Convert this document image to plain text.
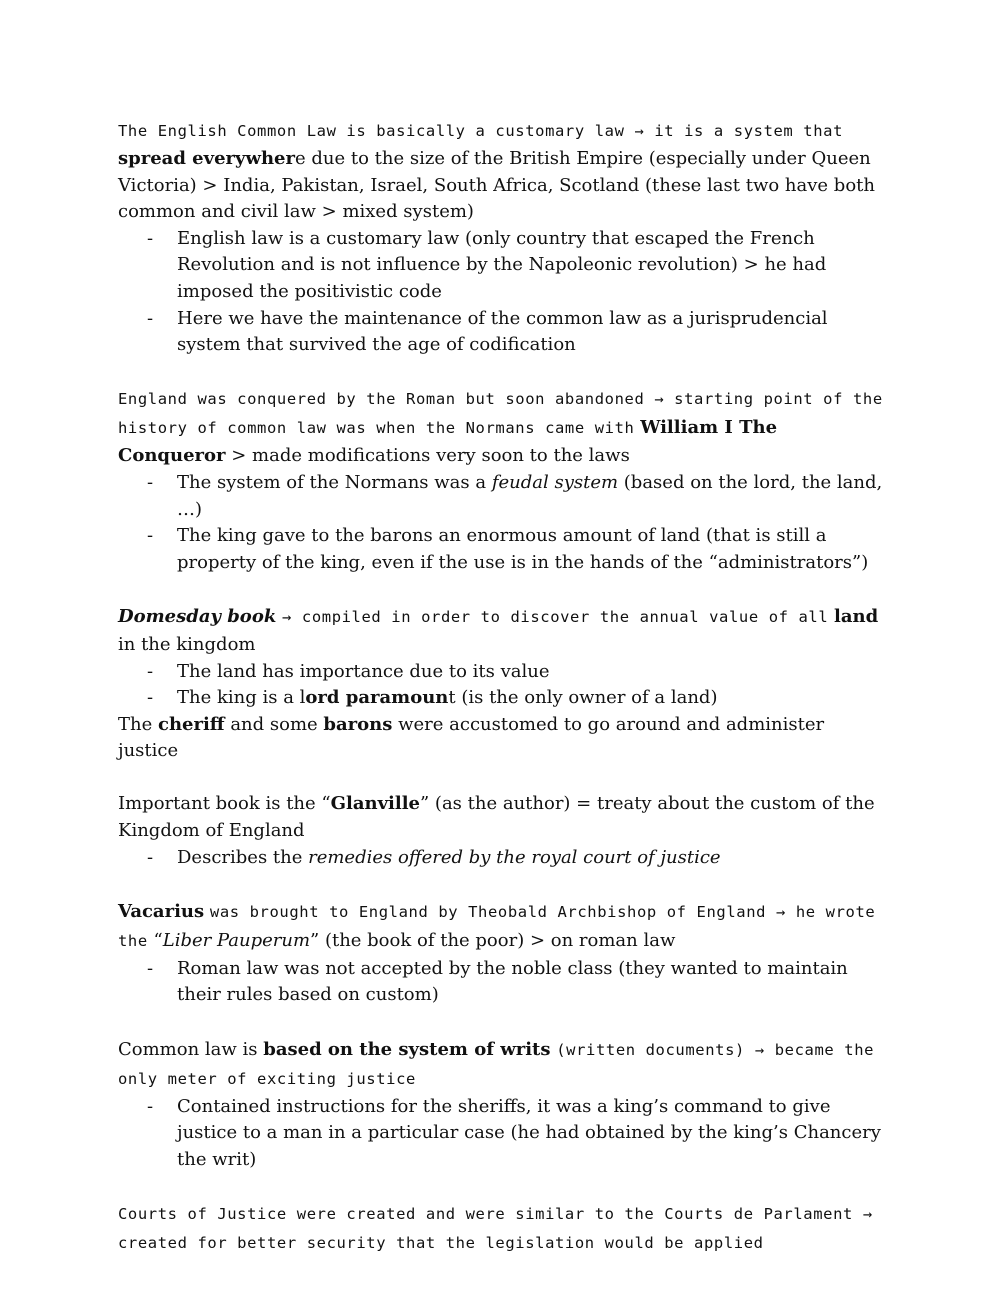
The English Common Law is basically a customary law → it is a system that spread everywhere due to the size of the British Empire (especially under Queen Victoria) > India, Pakistan, Israel, South Africa, Scotland (these last two have both common and civil law > mixed system)

- English law is a customary law (only country that escaped the French Revolution and is not influence by the Napoleonic revolution) > he had imposed the positivistic code
- Here we have the maintenance of the common law as a jurisprudencial system that survived the age of codification

England was conquered by the Roman but soon abandoned → starting point of the history of common law was when the Normans came with William I The Conqueror > made modifications very soon to the laws

- The system of the Normans was a feudal system (based on the lord, the land, …)
- The king gave to the barons an enormous amount of land (that is still a property of the king, even if the use is in the hands of the “administrators”)

Domesday book → compiled in order to discover the annual value of all land in the kingdom

- The land has importance due to its value
- The king is a lord paramount (is the only owner of a land)

The cheriff and some barons were accustomed to go around and administer justice

Important book is the “Glanville” (as the author) = treaty about the custom of the Kingdom of England

- Describes the remedies offered by the royal court of justice

Vacarius was brought to England by Theobald Archbishop of England → he wrote the “Liber Pauperum” (the book of the poor) > on roman law

- Roman law was not accepted by the noble class (they wanted to maintain their rules based on custom)

Common law is based on the system of writs (written documents) → became the only meter of exciting justice

- Contained instructions for the sheriffs, it was a king’s command to give justice to a man in a particular case (he had obtained by the king’s Chancery the writ)

Courts of Justice were created and were similar to the Courts de Parlament → created for better security that the legislation would be applied
